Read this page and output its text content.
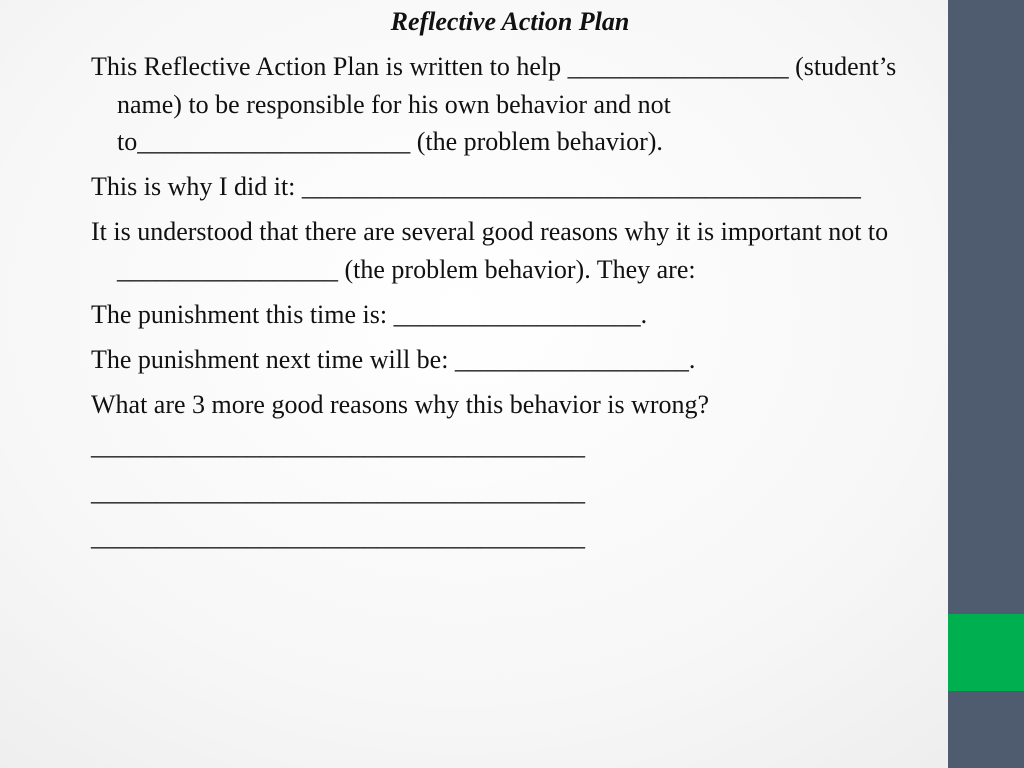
Reflective Action Plan

This Reflective Action Plan is written to help _________________ (student’s name) to be responsible for his own behavior and not to_____________________ (the problem behavior).

This is why I did it: ___________________________________________

It is understood that there are several good reasons why it is important not to _________________ (the problem behavior). They are:

The punishment this time is: ___________________.

The punishment next time will be: __________________.

What are 3 more good reasons why this behavior is wrong?

______________________________________
______________________________________
______________________________________
